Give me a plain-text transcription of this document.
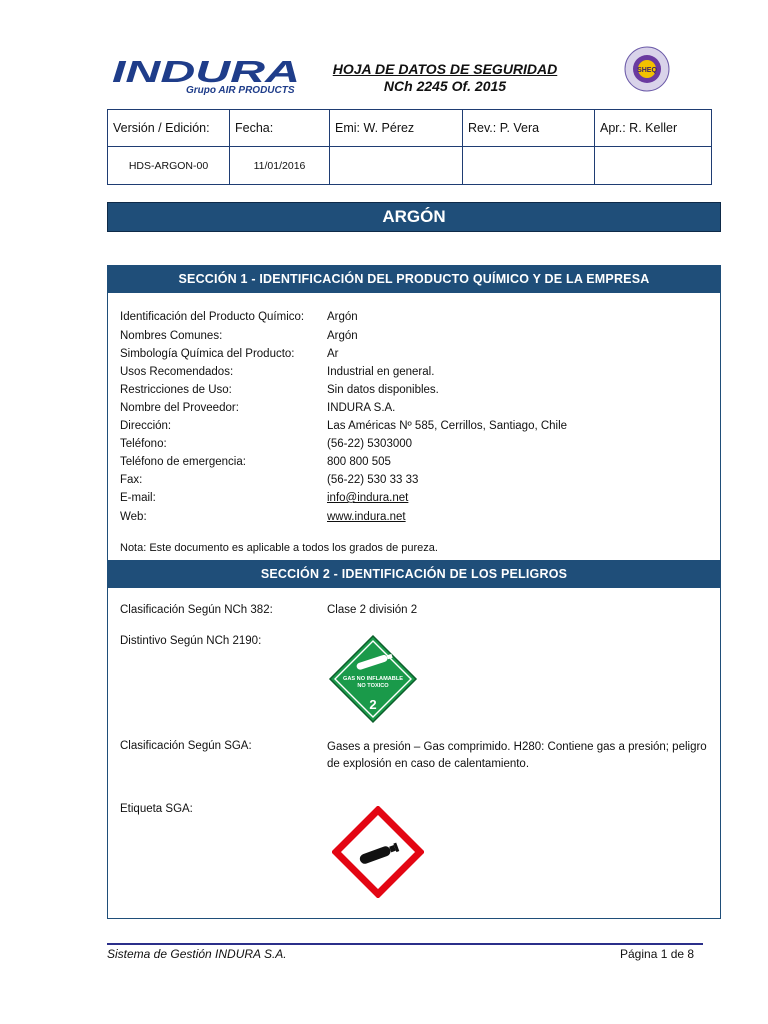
INDURA
Grupo AIR PRODUCTS
HOJA DE DATOS DE SEGURIDAD
NCh 2245 Of. 2015
SHEQ
Versión / Edición:	Fecha:	Emi: W. Pérez	Rev.: P. Vera	Apr.: R. Keller
HDS-ARGON-00	11/01/2016			
ARGÓN
SECCIÓN 1 - IDENTIFICACIÓN DEL PRODUCTO QUÍMICO Y DE LA EMPRESA
Identificación del Producto Químico: Argón
Nombres Comunes:	Argón
Simbología Química del Producto:	Ar
Usos Recomendados:	Industrial en general.
Restricciones de Uso:	Sin datos disponibles.
Nombre del Proveedor:	INDURA S.A.
Dirección:	Las Américas Nº 585, Cerrillos, Santiago, Chile
Teléfono:	(56-22) 5303000
Teléfono de emergencia:	800 800 505
Fax:	(56-22) 530 33 33
E-mail:	info@indura.net
Web:	www.indura.net
Nota: Este documento es aplicable a todos los grados de pureza.
SECCIÓN 2 - IDENTIFICACIÓN DE LOS PELIGROS
Clasificación Según NCh 382:	Clase 2 división 2
Distintivo Según NCh 2190:
GAS NO INFLAMABLE
NO TOXICO
2
Clasificación Según SGA:	Gases a presión – Gas comprimido. H280: Contiene gas a presión; peligro de explosión en caso de calentamiento.
Etiqueta SGA:
Sistema de Gestión INDURA S.A.	Página 1 de 8
